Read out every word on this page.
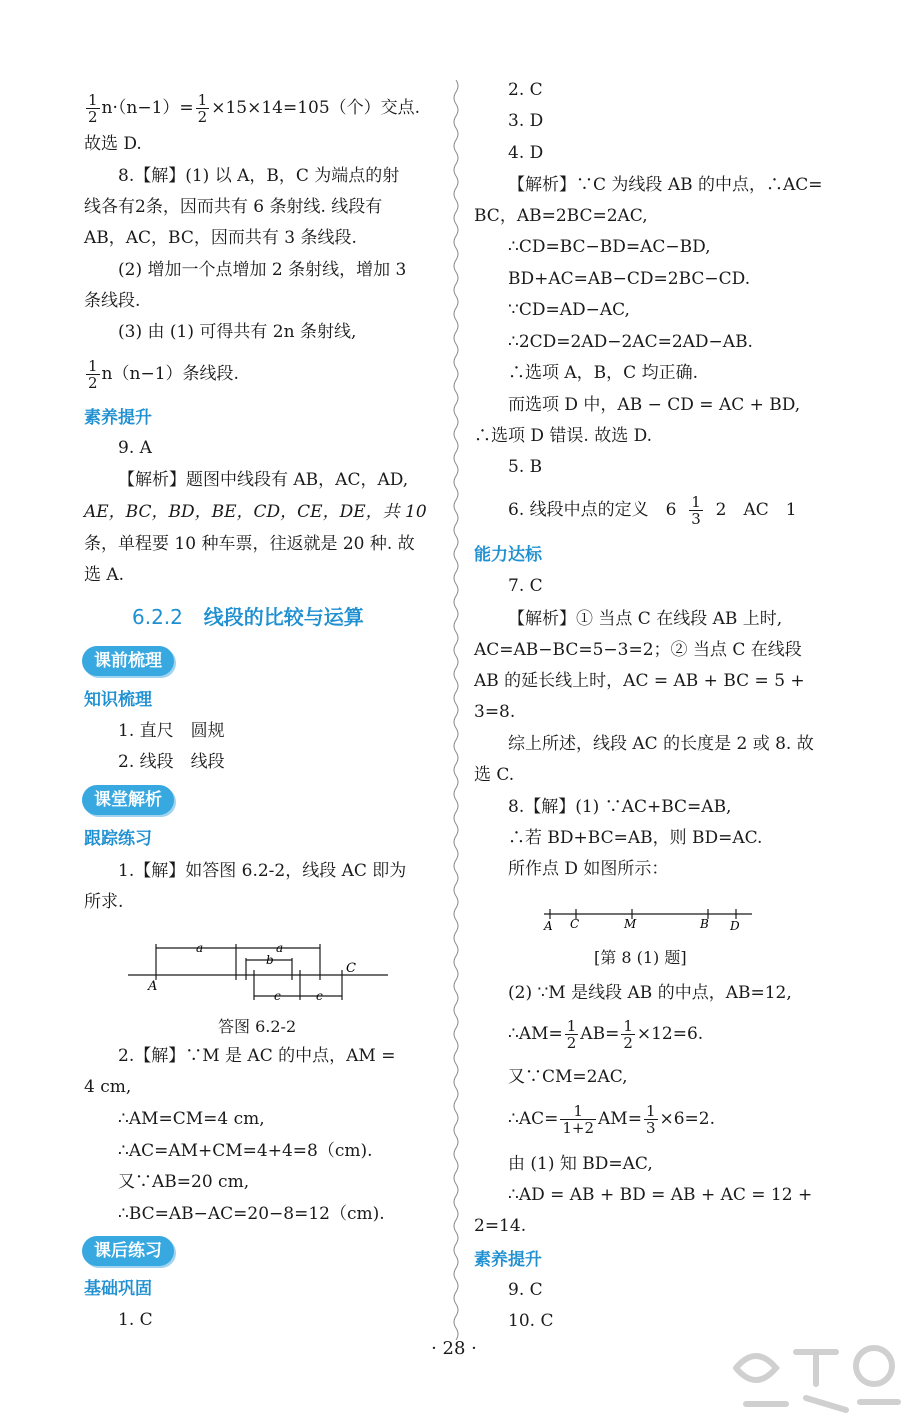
$\frac{1}{2} n\cdot(n-1)= \frac{1}{2} \times 15\times 14=105$（个）交点.
故选 D.
8.【解】(1) 以 A，B，C 为端点的射
线各有2条，因而共有 6 条射线. 线段有
AB，AC，BC，因而共有 3 条线段.
(2) 增加一个点增加 2 条射线，增加 3
条线段.
(3) 由 (1) 可得共有 2n 条射线,
$\frac{1}{2} n(n-1)$条线段.
素养提升
9. A
【解析】题图中线段有 AB，AC，AD,
AE，BC，BD，BE，CD，CE，DE，共 10
条，单程要 10 种车票，往返就是 20 种. 故
选 A.
6.2.2 线段的比较与运算
课前梳理
知识梳理
1. 直尺　圆规
2. 线段　线段
课堂解析
跟踪练习
1.【解】如答图 6.2-2，线段 AC 即为
所求.
a	a
b
c	c
A
C
答图 6.2-2
2.【解】∵M 是 AC 的中点，AM =
4 cm,
∴AM=CM=4 cm,
∴AC=AM+CM=4+4=8（cm).
又∵AB=20 cm,
∴BC=AB−AC=20−8=12（cm).
课后练习
基础巩固
1. C
2. C
3. D
4. D
【解析】∵C 为线段 AB 的中点，∴AC=
BC，AB=2BC=2AC,
∴CD=BC−BD=AC−BD,
BD+AC=AB−CD=2BC−CD.
∵CD=AD−AC,
∴2CD=2AD−2AC=2AD−AB.
∴选项 A，B，C 均正确.
而选项 D 中，AB − CD = AC + BD,
∴选项 D 错误. 故选 D.
5. B
6. 线段中点的定义　$6 \frac{1}{3} 2$　AC　1
能力达标
7. C
【解析】① 当点 C 在线段 AB 上时,
AC=AB−BC=5−3=2；② 当点 C 在线段
AB 的延长线上时，AC = AB + BC = 5 +
3=8.
综上所述，线段 AC 的长度是 2 或 8. 故
选 C.
8.【解】(1) ∵AC+BC=AB,
∴若 BD+BC=AB，则 BD=AC.
所作点 D 如图所示：
A C	M	B D
[第 8 (1) 题]
(2) ∵M 是线段 AB 的中点，AB=12,
∴AM= $\frac{1}{2} AB= \frac{1}{2} \times 12=6$.
又∵CM=2AC,
∴AC= $\frac{1}{1+2} AM= \frac{1}{3} \times 6=2$.
由 (1) 知 BD=AC,
∴AD = AB + BD = AB + AC = 12 +
2=14.
素养提升
9. C
10. C
· 28 ·
